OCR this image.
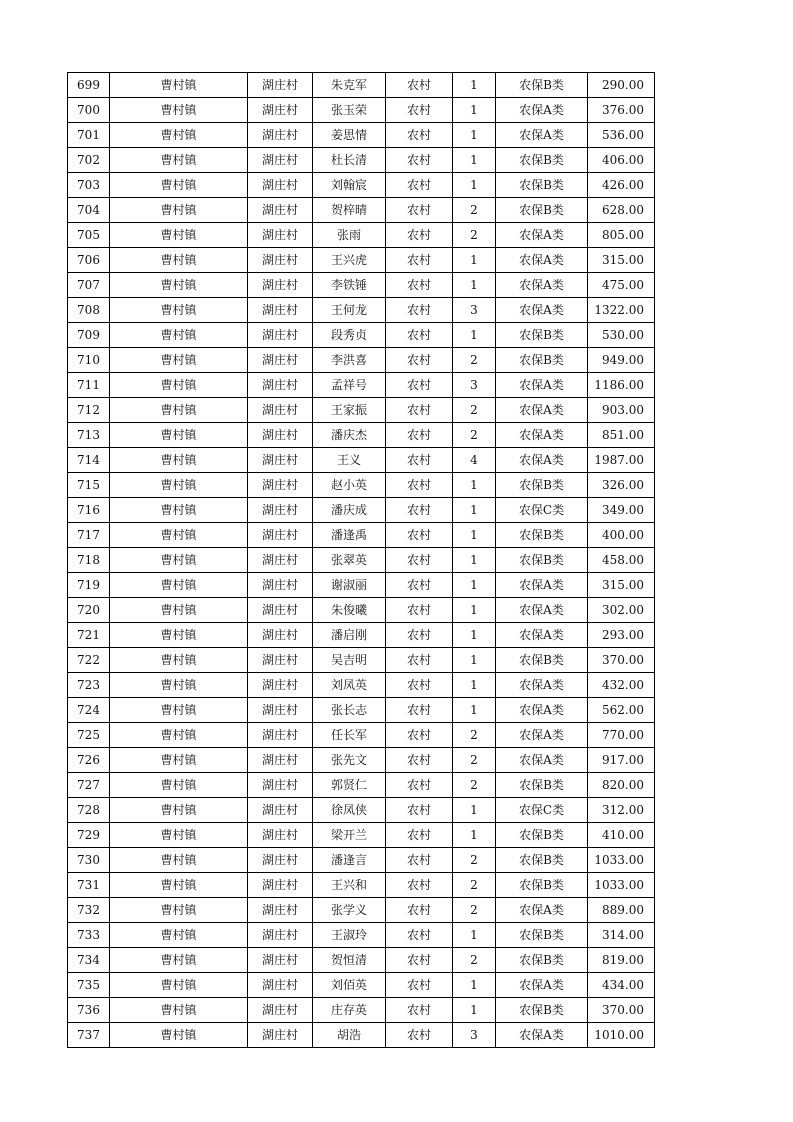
699	曹村镇	湖庄村	朱克军	农村	1	农保B类	290.00
700	曹村镇	湖庄村	张玉荣	农村	1	农保A类	376.00
701	曹村镇	湖庄村	姜思情	农村	1	农保A类	536.00
702	曹村镇	湖庄村	杜长清	农村	1	农保B类	406.00
703	曹村镇	湖庄村	刘翰宸	农村	1	农保B类	426.00
704	曹村镇	湖庄村	贺梓晴	农村	2	农保B类	628.00
705	曹村镇	湖庄村	张雨	农村	2	农保A类	805.00
706	曹村镇	湖庄村	王兴虎	农村	1	农保A类	315.00
707	曹村镇	湖庄村	李铁锤	农村	1	农保A类	475.00
708	曹村镇	湖庄村	王何龙	农村	3	农保A类	1322.00
709	曹村镇	湖庄村	段秀贞	农村	1	农保B类	530.00
710	曹村镇	湖庄村	李洪喜	农村	2	农保B类	949.00
711	曹村镇	湖庄村	孟祥号	农村	3	农保A类	1186.00
712	曹村镇	湖庄村	王家振	农村	2	农保A类	903.00
713	曹村镇	湖庄村	潘庆杰	农村	2	农保A类	851.00
714	曹村镇	湖庄村	王义	农村	4	农保A类	1987.00
715	曹村镇	湖庄村	赵小英	农村	1	农保B类	326.00
716	曹村镇	湖庄村	潘庆成	农村	1	农保C类	349.00
717	曹村镇	湖庄村	潘逢禹	农村	1	农保B类	400.00
718	曹村镇	湖庄村	张翠英	农村	1	农保B类	458.00
719	曹村镇	湖庄村	谢淑丽	农村	1	农保A类	315.00
720	曹村镇	湖庄村	朱俊曦	农村	1	农保A类	302.00
721	曹村镇	湖庄村	潘启刚	农村	1	农保A类	293.00
722	曹村镇	湖庄村	吴吉明	农村	1	农保B类	370.00
723	曹村镇	湖庄村	刘凤英	农村	1	农保A类	432.00
724	曹村镇	湖庄村	张长志	农村	1	农保A类	562.00
725	曹村镇	湖庄村	任长军	农村	2	农保A类	770.00
726	曹村镇	湖庄村	张先文	农村	2	农保A类	917.00
727	曹村镇	湖庄村	郭贤仁	农村	2	农保B类	820.00
728	曹村镇	湖庄村	徐凤侠	农村	1	农保C类	312.00
729	曹村镇	湖庄村	梁开兰	农村	1	农保B类	410.00
730	曹村镇	湖庄村	潘逢言	农村	2	农保B类	1033.00
731	曹村镇	湖庄村	王兴和	农村	2	农保B类	1033.00
732	曹村镇	湖庄村	张学义	农村	2	农保A类	889.00
733	曹村镇	湖庄村	王淑玲	农村	1	农保B类	314.00
734	曹村镇	湖庄村	贺恒清	农村	2	农保B类	819.00
735	曹村镇	湖庄村	刘佰英	农村	1	农保A类	434.00
736	曹村镇	湖庄村	庄存英	农村	1	农保B类	370.00
737	曹村镇	湖庄村	胡浩	农村	3	农保A类	1010.00
